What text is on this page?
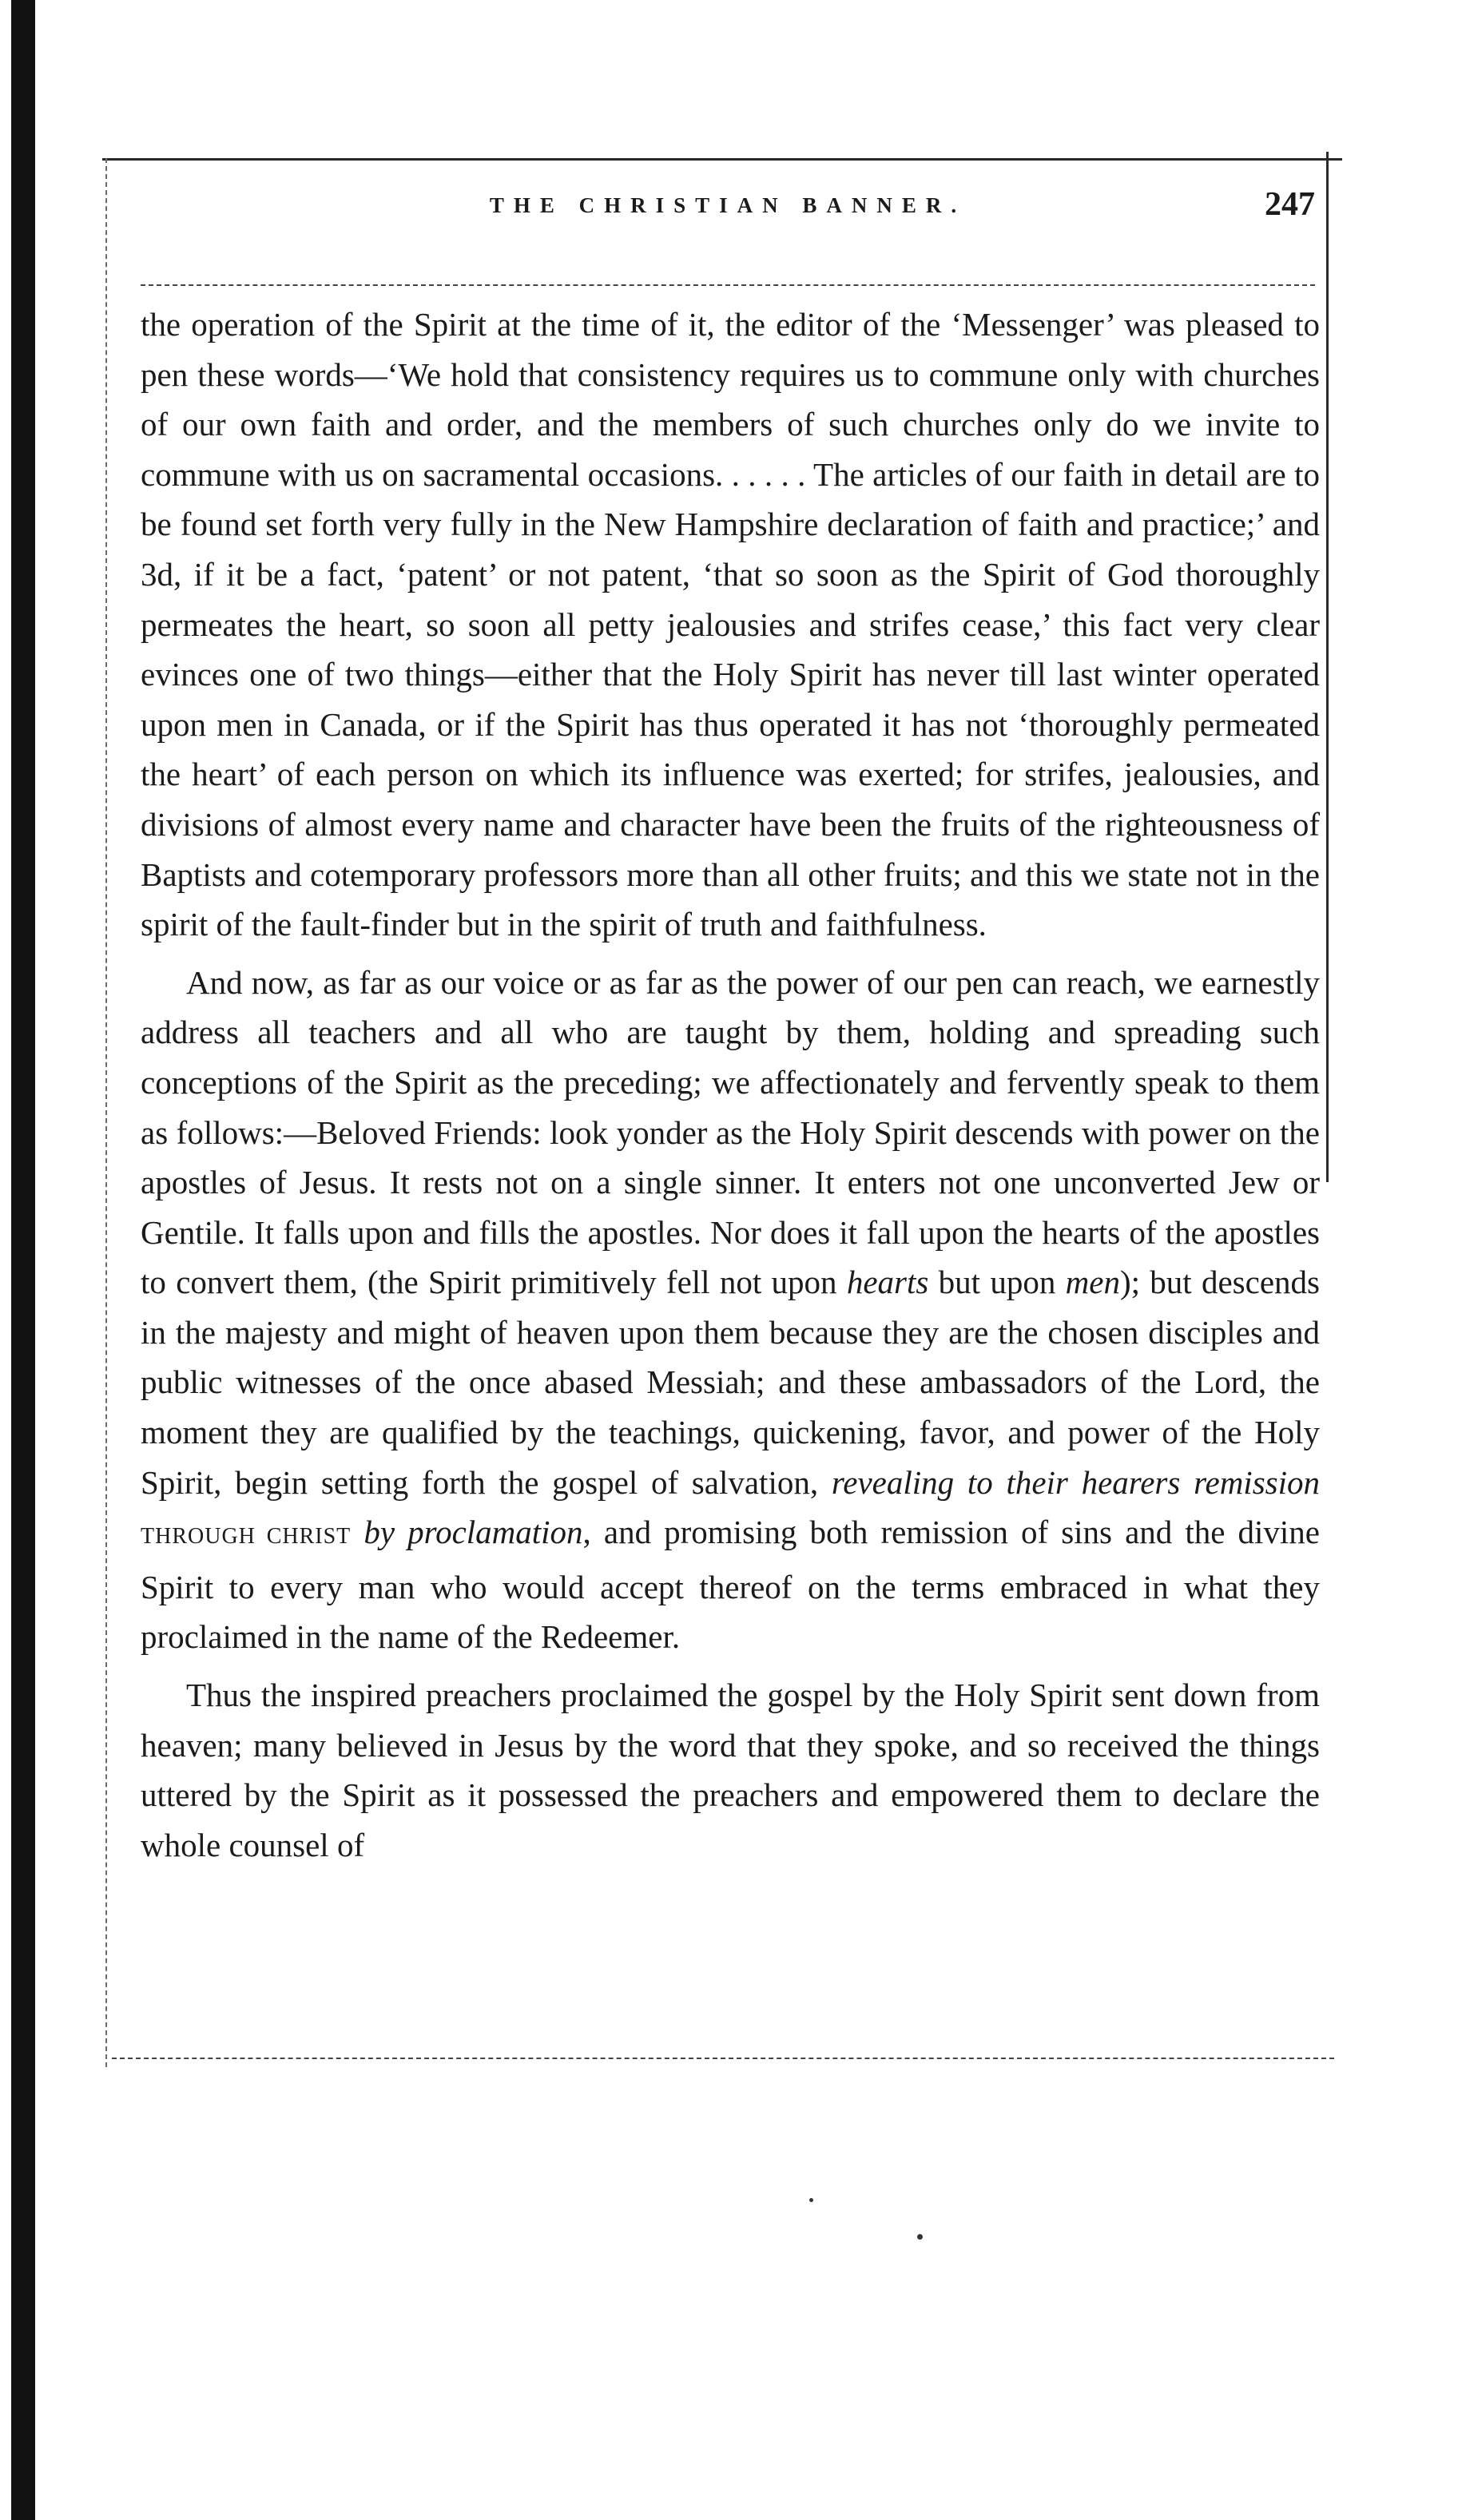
THE CHRISTIAN BANNER.	247

the operation of the Spirit at the time of it, the editor of the ‘Messenger’ was pleased to pen these words—‘We hold that consistency requires us to commune only with churches of our own faith and order, and the members of such churches only do we invite to commune with us on sacramental occasions. . . . . . The articles of our faith in detail are to be found set forth very fully in the New Hampshire declaration of faith and practice;’ and 3d, if it be a fact, ‘patent’ or not patent, ‘that so soon as the Spirit of God thoroughly permeates the heart, so soon all petty jealousies and strifes cease,’ this fact very clear evinces one of two things—either that the Holy Spirit has never till last winter operated upon men in Canada, or if the Spirit has thus operated it has not ‘thoroughly permeated the heart’ of each person on which its influence was exerted; for strifes, jealousies, and divisions of almost every name and character have been the fruits of the righteousness of Baptists and cotemporary professors more than all other fruits; and this we state not in the spirit of the fault-finder but in the spirit of truth and faithfulness.

And now, as far as our voice or as far as the power of our pen can reach, we earnestly address all teachers and all who are taught by them, holding and spreading such conceptions of the Spirit as the preceding; we affectionately and fervently speak to them as follows:—Beloved Friends: look yonder as the Holy Spirit descends with power on the apostles of Jesus. It rests not on a single sinner. It enters not one unconverted Jew or Gentile. It falls upon and fills the apostles. Nor does it fall upon the hearts of the apostles to convert them, (the Spirit primitively fell not upon hearts but upon men); but descends in the majesty and might of heaven upon them because they are the chosen disciples and public witnesses of the once abased Messiah; and these ambassadors of the Lord, the moment they are qualified by the teachings, quickening, favor, and power of the Holy Spirit, begin setting forth the gospel of salvation, revealing to their hearers remission THROUGH CHRIST by proclamation, and promising both remission of sins and the divine Spirit to every man who would accept thereof on the terms embraced in what they proclaimed in the name of the Redeemer.

Thus the inspired preachers proclaimed the gospel by the Holy Spirit sent down from heaven; many believed in Jesus by the word that they spoke, and so received the things uttered by the Spirit as it possessed the preachers and empowered them to declare the whole counsel of
